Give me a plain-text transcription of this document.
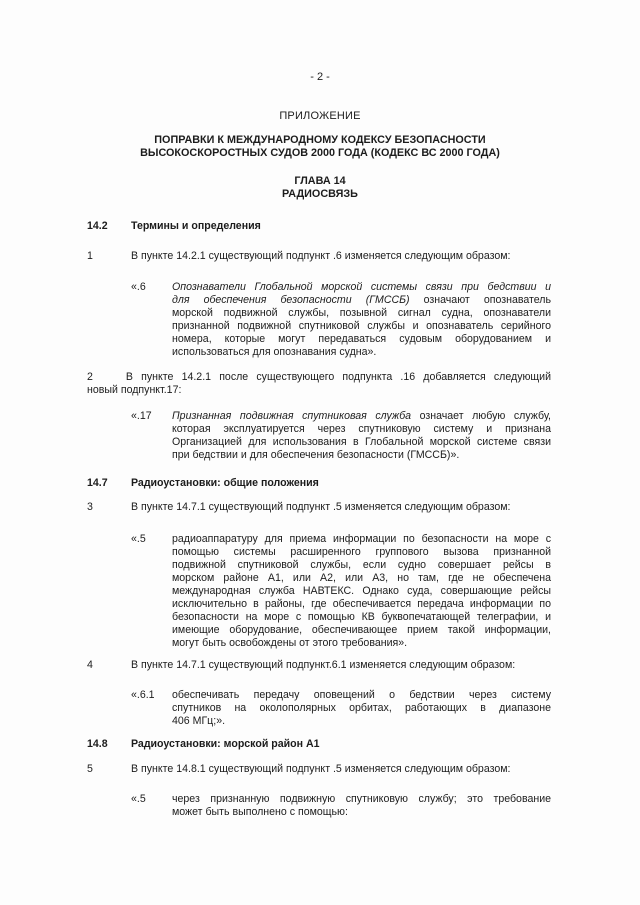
- 2 -
ПРИЛОЖЕНИЕ
ПОПРАВКИ К МЕЖДУНАРОДНОМУ КОДЕКСУ БЕЗОПАСНОСТИ
ВЫСОКОСКОРОСТНЫХ СУДОВ 2000 ГОДА (КОДЕКС ВС 2000 ГОДА)
ГЛАВА 14
РАДИОСВЯЗЬ
14.2 Термины и определения
1	В пункте 14.2.1 существующий подпункт .6 изменяется следующим образом:
«.6 Опознаватели Глобальной морской системы связи при бедствии и
для обеспечения безопасности (ГМССБ) означают опознаватель
морской подвижной службы, позывной сигнал судна, опознаватели
признанной подвижной спутниковой службы и опознаватель серийного
номера, которые могут передаваться судовым оборудованием и
использоваться для опознавания судна».
2	В пункте 14.2.1 после существующего подпункта .16 добавляется следующий
новый подпункт.17:
«.17 Признанная подвижная спутниковая служба означает любую службу,
которая эксплуатируется через спутниковую систему и признана
Организацией для использования в Глобальной морской системе связи
при бедствии и для обеспечения безопасности (ГМССБ)».
14.7 Радиоустановки: общие положения
3	В пункте 14.7.1 существующий подпункт .5 изменяется следующим образом:
«.5 радиоаппаратуру для приема информации по безопасности на море с
помощью системы расширенного группового вызова признанной
подвижной спутниковой службы, если судно совершает рейсы в
морском районе А1, или А2, или А3, но там, где не обеспечена
международная служба НАВТЕКС. Однако суда, совершающие рейсы
исключительно в районы, где обеспечивается передача информации по
безопасности на море с помощью КВ буквопечатающей телеграфии, и
имеющие оборудование, обеспечивающее прием такой информации,
могут быть освобождены от этого требования».
4	В пункте 14.7.1 существующий подпункт.6.1 изменяется следующим образом:
«.6.1 обеспечивать передачу оповещений о бедствии через систему
спутников на околополярных орбитах, работающих в диапазоне
406 МГц;».
14.8 Радиоустановки: морской район А1
5	В пункте 14.8.1 существующий подпункт .5 изменяется следующим образом:
«.5 через признанную подвижную спутниковую службу; это требование
может быть выполнено с помощью:
